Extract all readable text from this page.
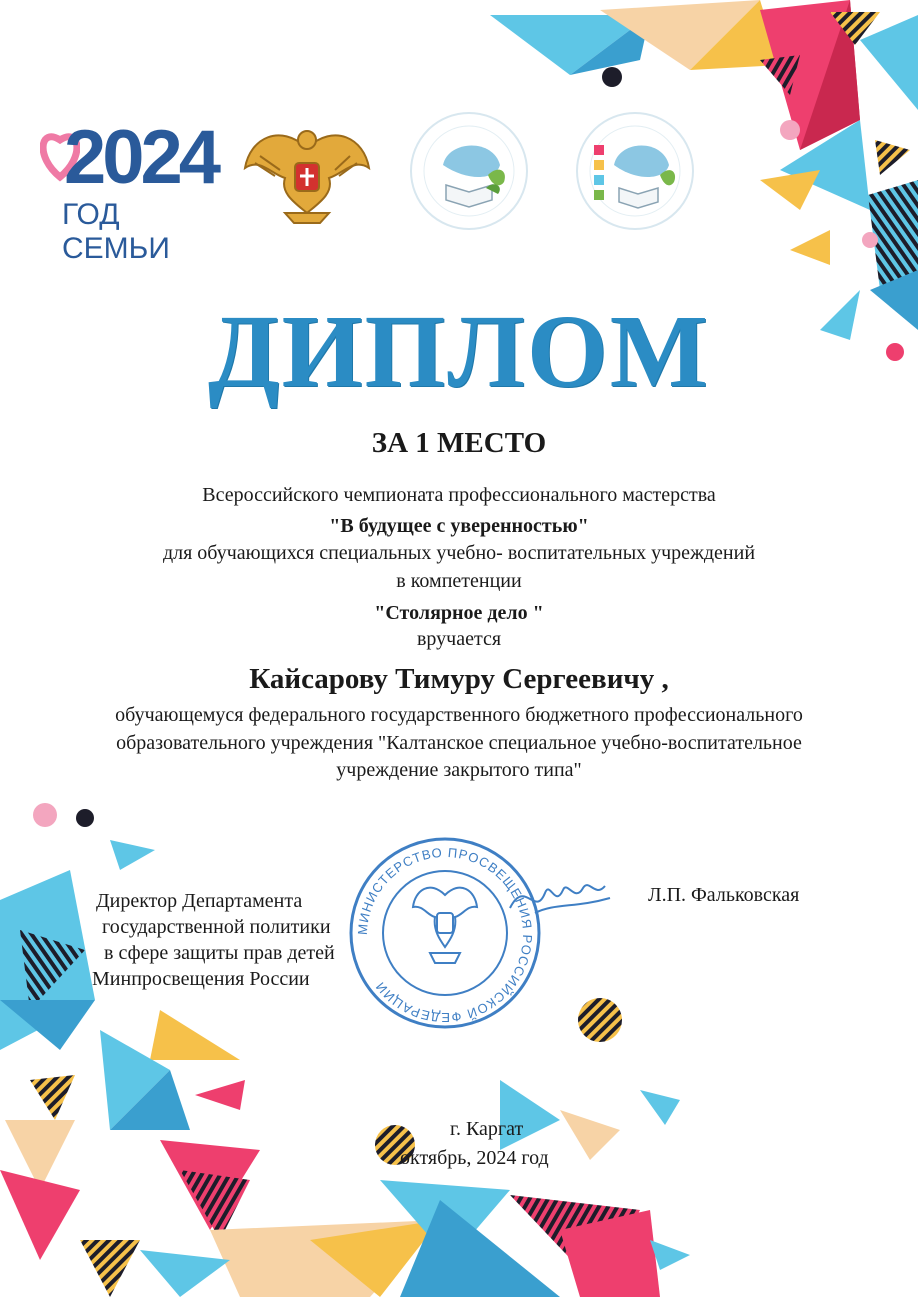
2024
ГОД СЕМЬИ
ДИПЛОМ
ЗА 1 МЕСТО
Всероссийского чемпионата профессионального мастерства
"В будущее с уверенностью"
для обучающихся специальных учебно- воспитательных учреждений
в компетенции
"Столярное дело "
вручается
Кайсарову Тимуру Сергеевичу ,
обучающемуся федерального государственного бюджетного профессионального
образовательного учреждения "Калтанское специальное учебно-воспитательное
учреждение закрытого типа"
МИНИСТЕРСТВО ПРОСВЕЩЕНИЯ РОССИЙСКОЙ ФЕДЕРАЦИИ
Директор Департамента
государственной политики
в сфере защиты прав детей
Минпросвещения России
Л.П. Фальковская
г. Каргат
октябрь, 2024 год
